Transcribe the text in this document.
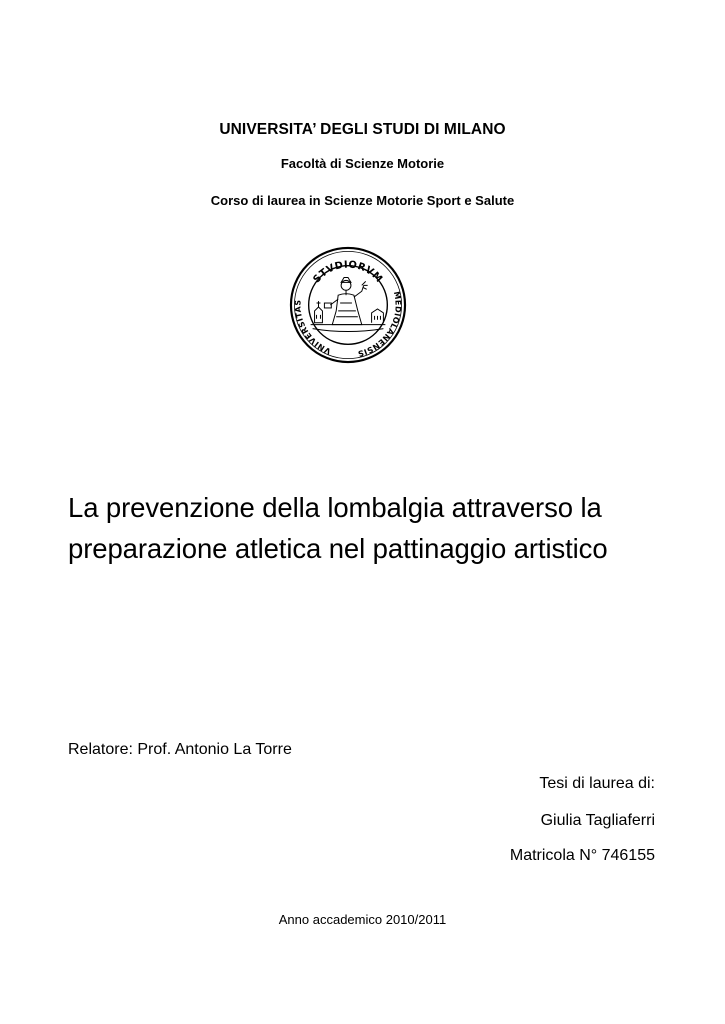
UNIVERSITA’ DEGLI STUDI DI MILANO
Facoltà di Scienze Motorie
Corso di laurea in Scienze Motorie Sport e Salute
STVDIORVM
VNIVERSITAS
MEDIOLANENSIS
La prevenzione della lombalgia attraverso la
preparazione atletica nel pattinaggio artistico
Relatore: Prof. Antonio La Torre
Tesi di laurea di:
Giulia Tagliaferri
Matricola N° 746155
Anno accademico 2010/2011
